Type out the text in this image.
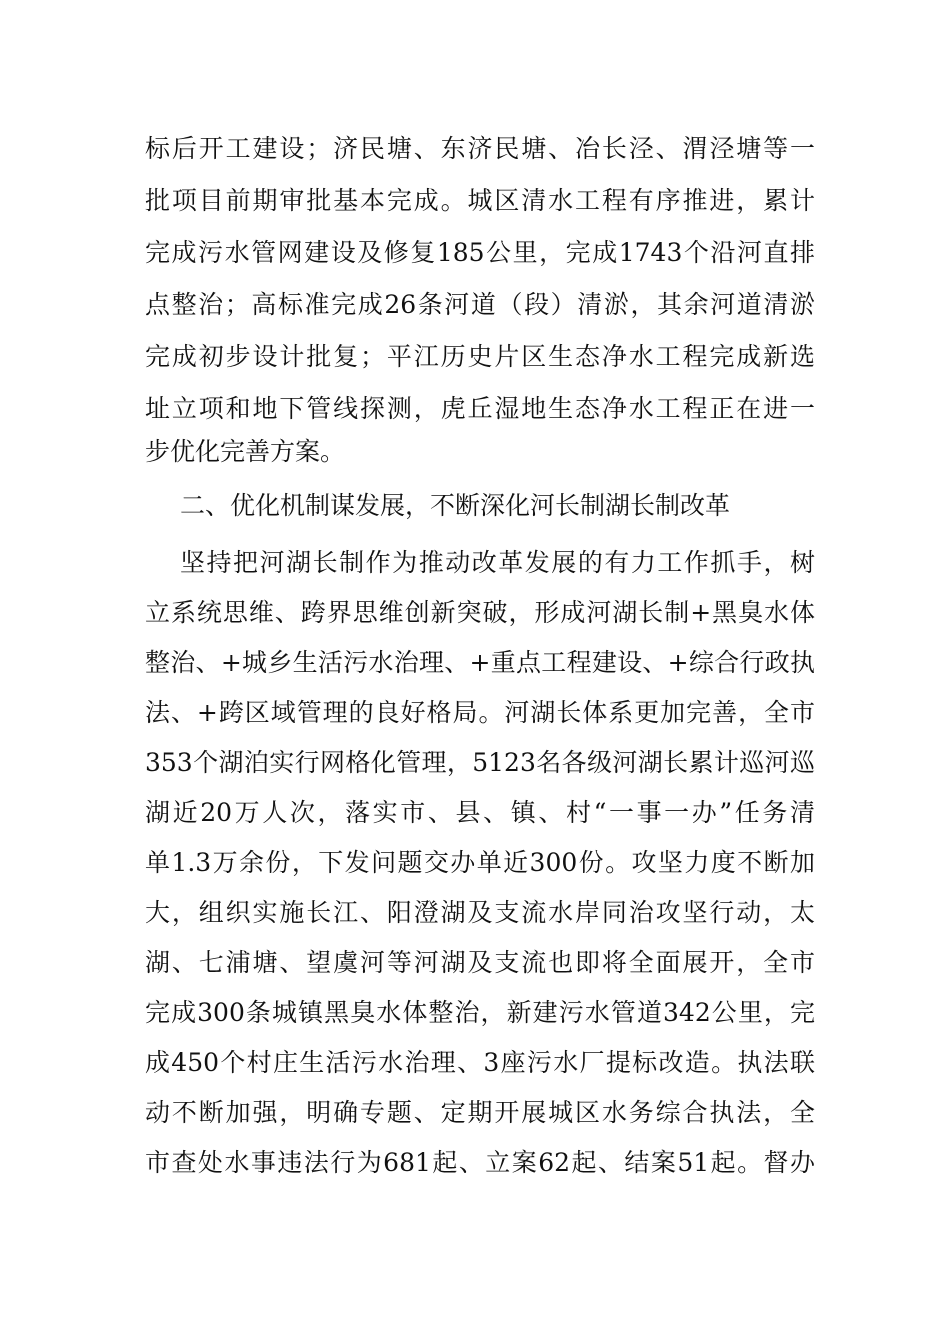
标后开工建设；济民塘、东济民塘、冶长泾、渭泾塘等一
批项目前期审批基本完成。城区清水工程有序推进，累计
完成污水管网建设及修复185公里，完成1743个沿河直排
点整治；高标准完成26条河道（段）清淤，其余河道清淤
完成初步设计批复；平江历史片区生态净水工程完成新选
址立项和地下管线探测，虎丘湿地生态净水工程正在进一
步优化完善方案。
二、优化机制谋发展，不断深化河长制湖长制改革
坚持把河湖长制作为推动改革发展的有力工作抓手，树
立系统思维、跨界思维创新突破，形成河湖长制+黑臭水体
整治、+城乡生活污水治理、+重点工程建设、+综合行政执
法、+跨区域管理的良好格局。河湖长体系更加完善，全市
353个湖泊实行网格化管理，5123名各级河湖长累计巡河巡
湖近20万人次，落实市、县、镇、村“一事一办”任务清
单1.3万余份，下发问题交办单近300份。攻坚力度不断加
大，组织实施长江、阳澄湖及支流水岸同治攻坚行动，太
湖、七浦塘、望虞河等河湖及支流也即将全面展开，全市
完成300条城镇黑臭水体整治，新建污水管道342公里，完
成450个村庄生活污水治理、3座污水厂提标改造。执法联
动不断加强，明确专题、定期开展城区水务综合执法，全
市查处水事违法行为681起、立案62起、结案51起。督办
